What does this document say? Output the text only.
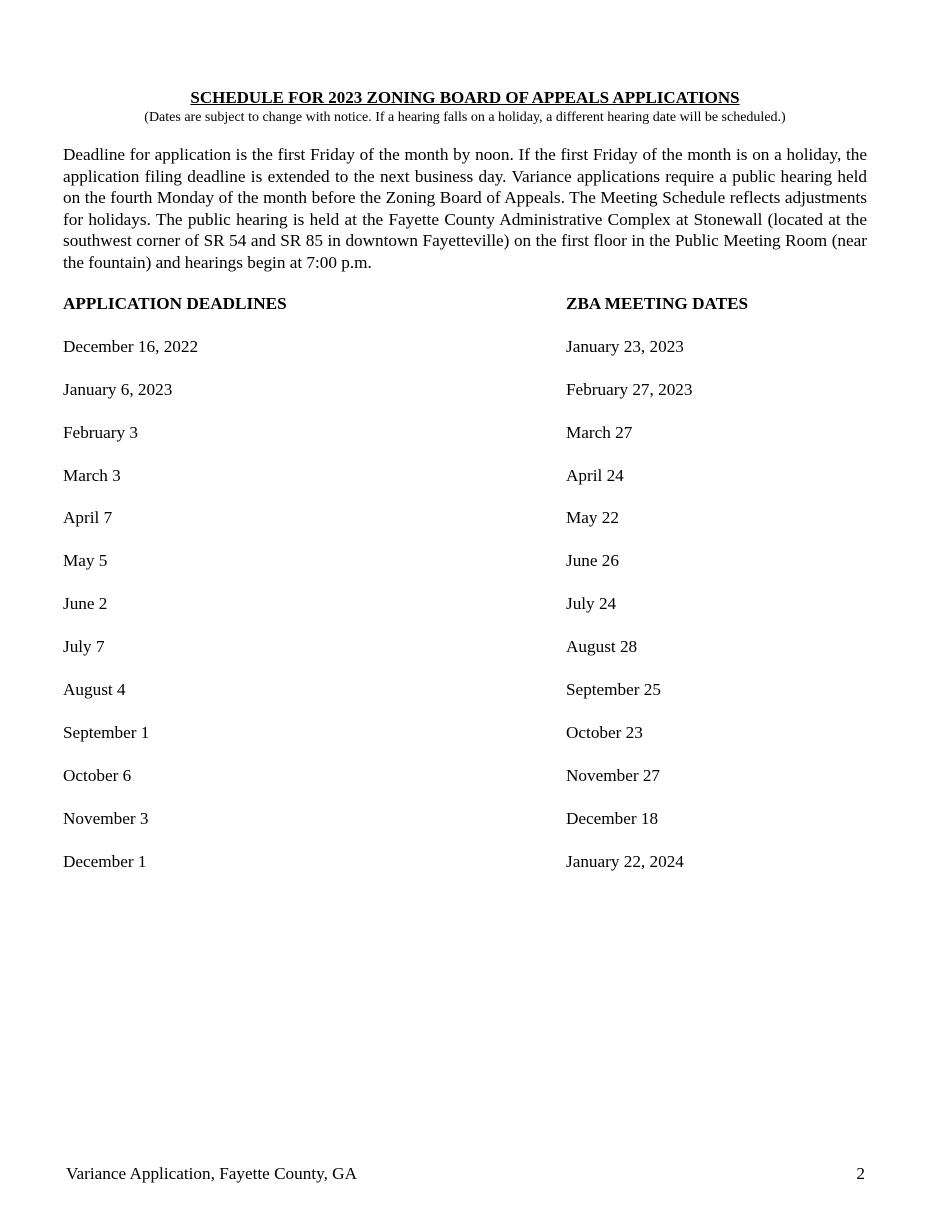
SCHEDULE FOR 2023 ZONING BOARD OF APPEALS APPLICATIONS

(Dates are subject to change with notice. If a hearing falls on a holiday, a different hearing date will be scheduled.)

Deadline for application is the first Friday of the month by noon. If the first Friday of the month is on a holiday, the application filing deadline is extended to the next business day. Variance applications require a public hearing held on the fourth Monday of the month before the Zoning Board of Appeals. The Meeting Schedule reflects adjustments for holidays. The public hearing is held at the Fayette County Administrative Complex at Stonewall (located at the southwest corner of SR 54 and SR 85 in downtown Fayetteville) on the first floor in the Public Meeting Room (near the fountain) and hearings begin at 7:00 p.m.

APPLICATION DEADLINES	ZBA MEETING DATES
December 16, 2022	January 23, 2023
January 6, 2023	February 27, 2023
February 3	March 27
March 3	April 24
April 7	May 22
May 5	June 26
June 2	July 24
July 7	August 28
August 4	September 25
September 1	October 23
October 6	November 27
November 3	December 18
December 1	January 22, 2024
Variance Application, Fayette County, GA	2
